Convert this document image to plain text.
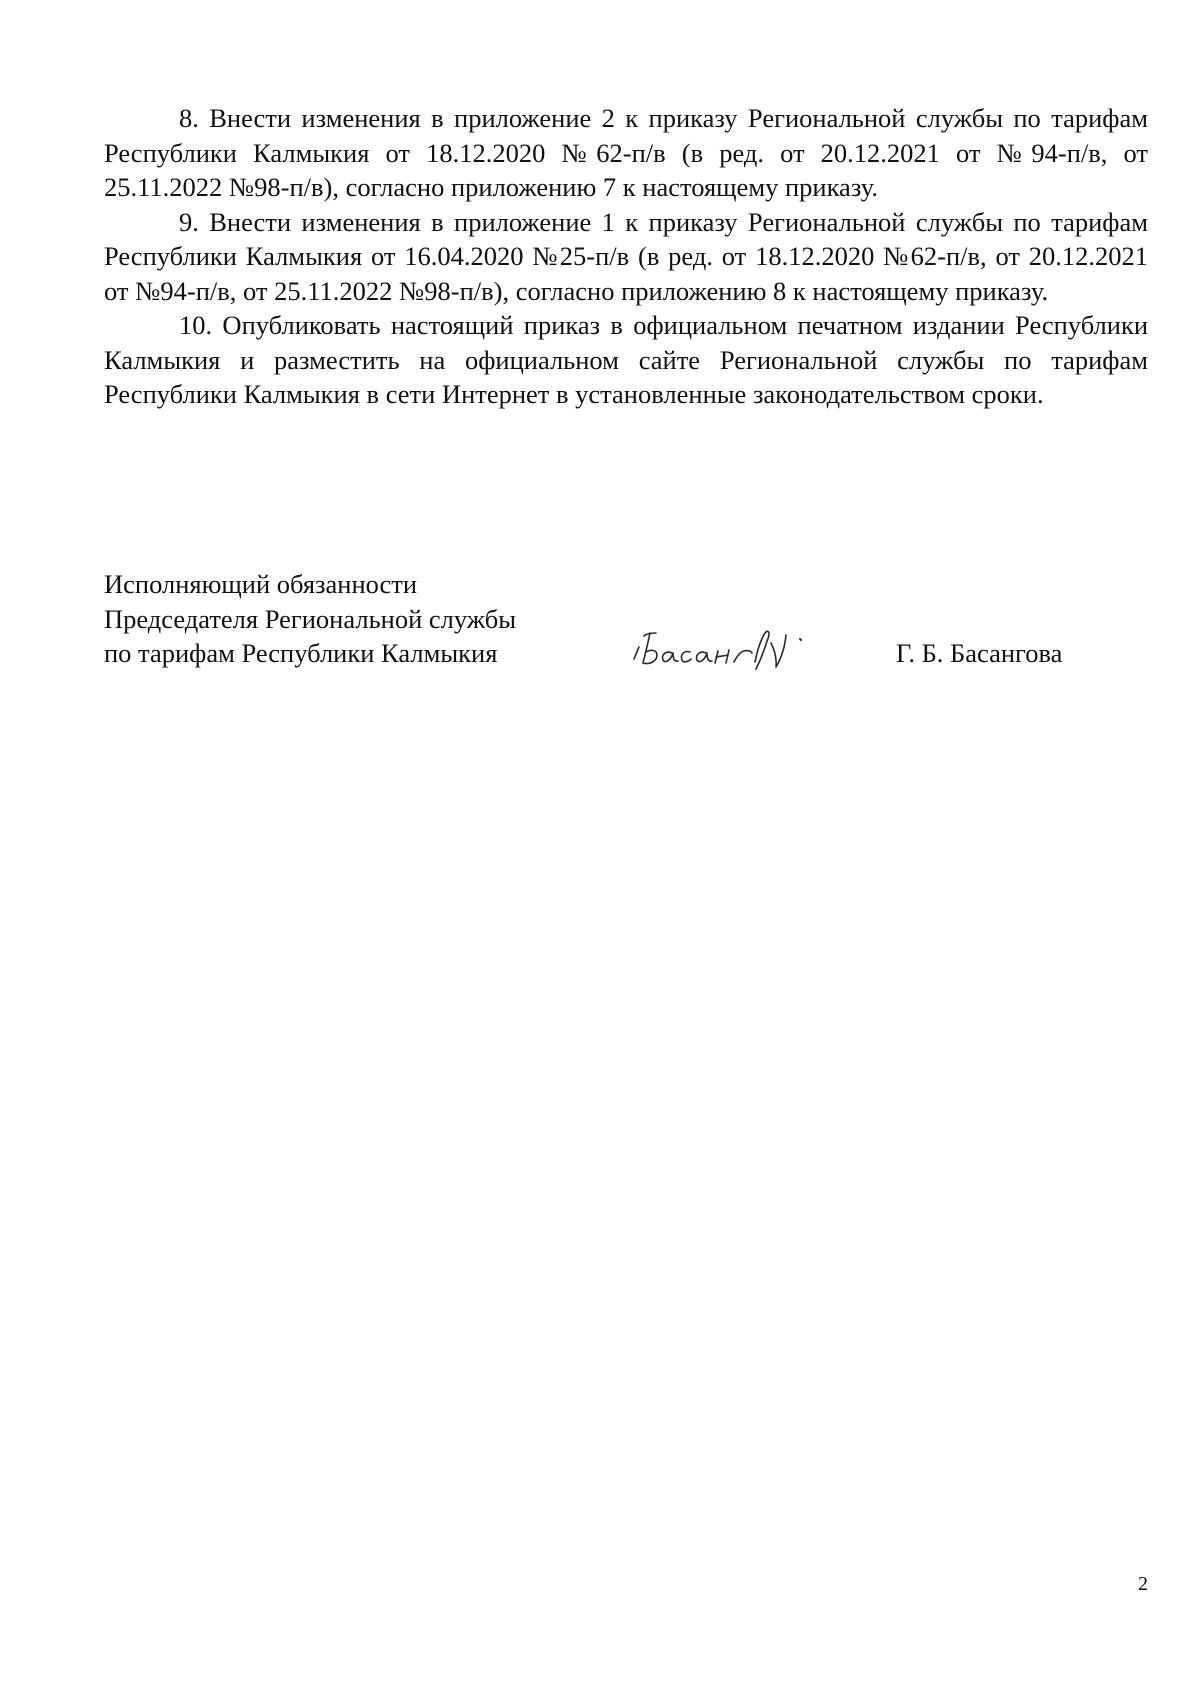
8. Внести изменения в приложение 2 к приказу Региональной службы по тарифам Республики Калмыкия от 18.12.2020 №62-п/в (в ред. от 20.12.2021 от №94-п/в, от 25.11.2022 №98-п/в), согласно приложению 7 к настоящему приказу.

9. Внести изменения в приложение 1 к приказу Региональной службы по тарифам Республики Калмыкия от 16.04.2020 №25-п/в (в ред. от 18.12.2020 №62-п/в, от 20.12.2021 от №94-п/в, от 25.11.2022 №98-п/в), согласно приложению 8 к настоящему приказу.

10. Опубликовать настоящий приказ в официальном печатном издании Республики Калмыкия и разместить на официальном сайте Региональной службы по тарифам Республики Калмыкия в сети Интернет в установленные законодательством сроки.

Исполняющий обязанности
Председателя Региональной службы
по тарифам Республики Калмыкия	Г. Б. Басангова
2
